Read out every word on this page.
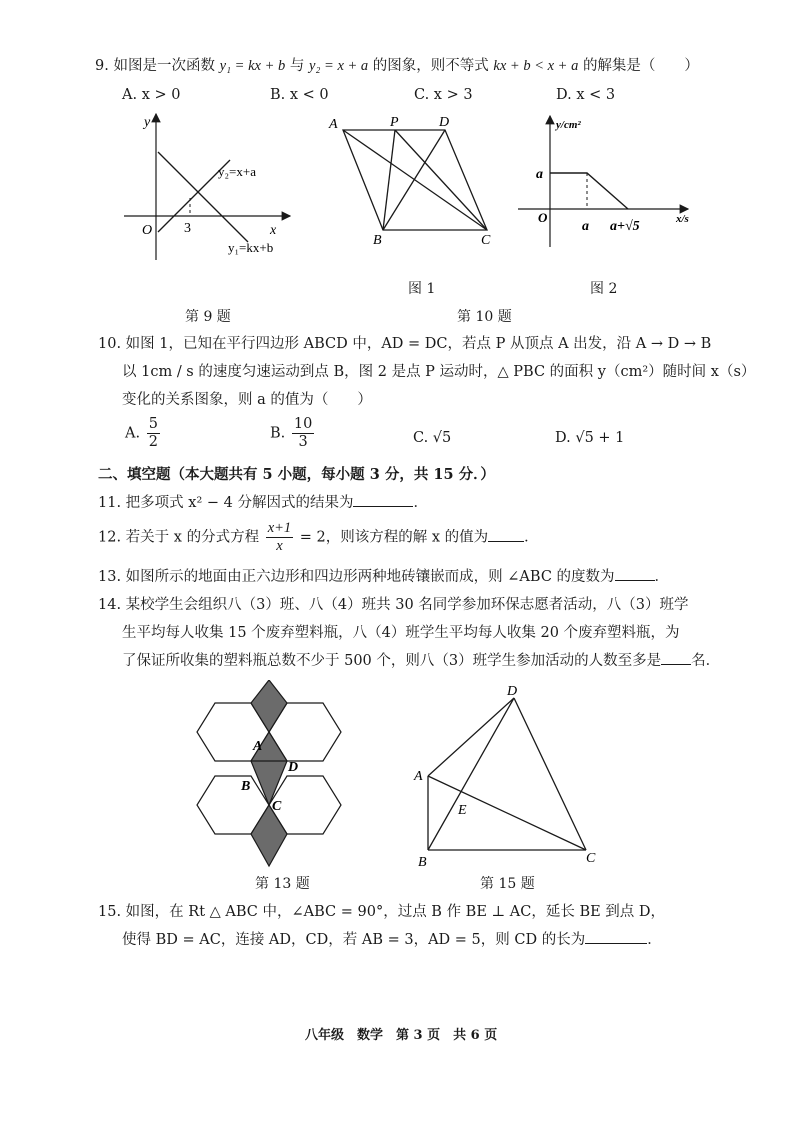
9. 如图是一次函数 y₁ = kx + b 与 y₂ = x + a 的图象，则不等式 kx + b < x + a 的解集是（　　）
A. x > 0	B. x < 0	C. x > 3	D. x < 3
y
x
O 3
y₂=x+a
y₁=kx+b
第 9 题
A	P	D
B	C
图 1
y/cm²
x/s
O
a
a a+√5
图 2
第 10 题
10. 如图 1，已知在平行四边形 ABCD 中，AD = DC，若点 P 从顶点 A 出发，沿 A → D → B
以 1cm / s 的速度匀速运动到点 B，图 2 是点 P 运动时，△ PBC 的面积 y（cm²）随时间 x（s）
变化的关系图象，则 a 的值为（　　）
A. $\frac{5}{2}$	B. $\frac{10}{3}$	C. √5	D. √5 + 1
二、填空题（本大题共有 5 小题，每小题 3 分，共 15 分．）
11. 把多项式 x² − 4 分解因式的结果为	．
12. 若关于 x 的分式方程 $\frac{x+1}{x} = 2$，则该方程的解 x 的值为 ．
13. 如图所示的地面由正六边形和四边形两种地砖镶嵌而成，则 ∠ABC 的度数为	．
14. 某校学生会组织八（3）班、八（4）班共 30 名同学参加环保志愿者活动，八（3）班学
生平均每人收集 15 个废弃塑料瓶，八（4）班学生平均每人收集 20 个废弃塑料瓶，为
了保证所收集的塑料瓶总数不少于 500 个，则八（3）班学生参加活动的人数至多是 名．
A
D
B
C
第 13 题
D
A
E
B	C
第 15 题
15. 如图，在 Rt △ ABC 中，∠ABC = 90°，过点 B 作 BE ⊥ AC，延长 BE 到点 D，
使得 BD = AC，连接 AD，CD，若 AB = 3，AD = 5，则 CD 的长为	．
八年级　数学　第 3 页　共 6 页
